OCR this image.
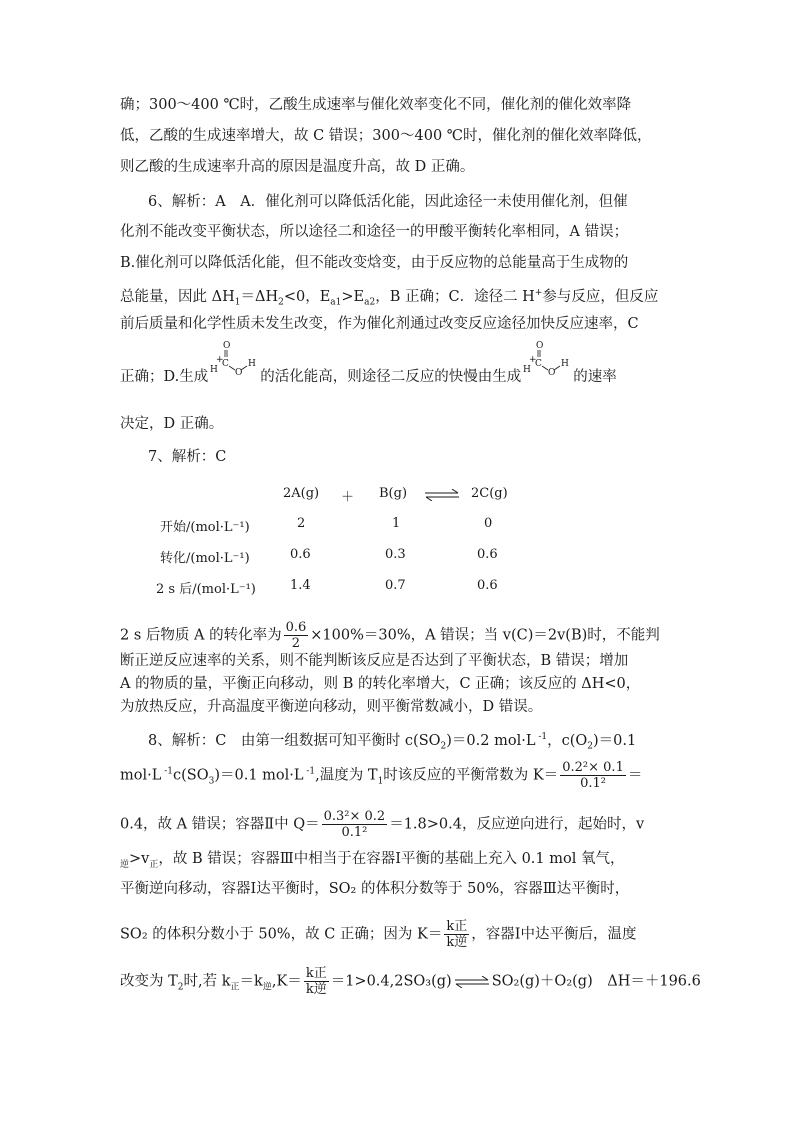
确；300～400 ℃时，乙酸生成速率与催化效率变化不同，催化剂的催化效率降
低，乙酸的生成速率增大，故 C 错误；300～400 ℃时，催化剂的催化效率降低，
则乙酸的生成速率升高的原因是温度升高，故 D 正确。
6、解析：A　A．催化剂可以降低活化能，因此途径一未使用催化剂，但催
化剂不能改变平衡状态，所以途径二和途径一的甲酸平衡转化率相同，A 错误；
B.催化剂可以降低活化能，但不能改变焓变，由于反应物的总能量高于生成物的
总能量，因此 $\Delta H_1=\Delta H_2<0$，$E_{a1}>E_{a2}$，B 正确；C．途径二 H+参与反应，但反应
前后质量和化学性质未发生改变，作为催化剂通过改变反应途径加快反应速率，C
正确；D.生成
O
+
C
H O
H
的活化能高，则途径二反应的快慢由生成
O
+
C
H O
H
的速率
决定，D 正确。
7、解析：C
2A(g) ＋ B(g) ⇌ 2C(g)
开始/(mol·L⁻¹)	2	1	0
转化/(mol·L⁻¹)	0.6	0.3	0.6
2 s 后/(mol·L⁻¹)	1.4	0.7	0.6
2 s 后物质 A 的转化率为 $\frac{0.6}{2} \times 100\%=30\%$，A 错误；当 v(C)＝2v(B)时，不能判
断正逆反应速率的关系，则不能判断该反应是否达到了平衡状态，B 错误；增加
A 的物质的量，平衡正向移动，则 B 的转化率增大，C 正确；该反应的 ΔH<0，
为放热反应，升高温度平衡逆向移动，则平衡常数减小，D 错误。
8、解析：C　由第一组数据可知平衡时 $c(SO_2)=0.2$ mol·L $^{-1}$，$c(O_2)=0.1$
mol·L $^{-1}c(SO_3)=0.1$ mol·L $^{-1}$,温度为 $T_1$时该反应的平衡常数为 $K= \frac{\text{0.2²× 0.1}}{\text{0.1²}}$ ＝
0.4，故 A 错误；容器Ⅱ中 $Q= \frac{\text{0.3²× 0.2}}{\text{0.1²}} =1.8>0.4$，反应逆向进行，起始时，v
$_逆>v_正$，故 B 错误；容器Ⅲ中相当于在容器Ⅰ平衡的基础上充入 0.1 mol 氧气，
平衡逆向移动，容器Ⅰ达平衡时，SO₂ 的体积分数等于 50%，容器Ⅲ达平衡时，
SO₂ 的体积分数小于 50%，故 C 正确；因为 $K= \frac{\text{k正}}{\text{k逆}}$ ，容器Ⅰ中达平衡后，温度
改变为 $T_2$时,若 $k_正=k_逆,K= \frac{\text{k正}}{\text{k逆}} =1>0.4,2SO_3(g)$ ⇌ SO₂(g)＋O₂(g)　ΔH＝＋196.6
